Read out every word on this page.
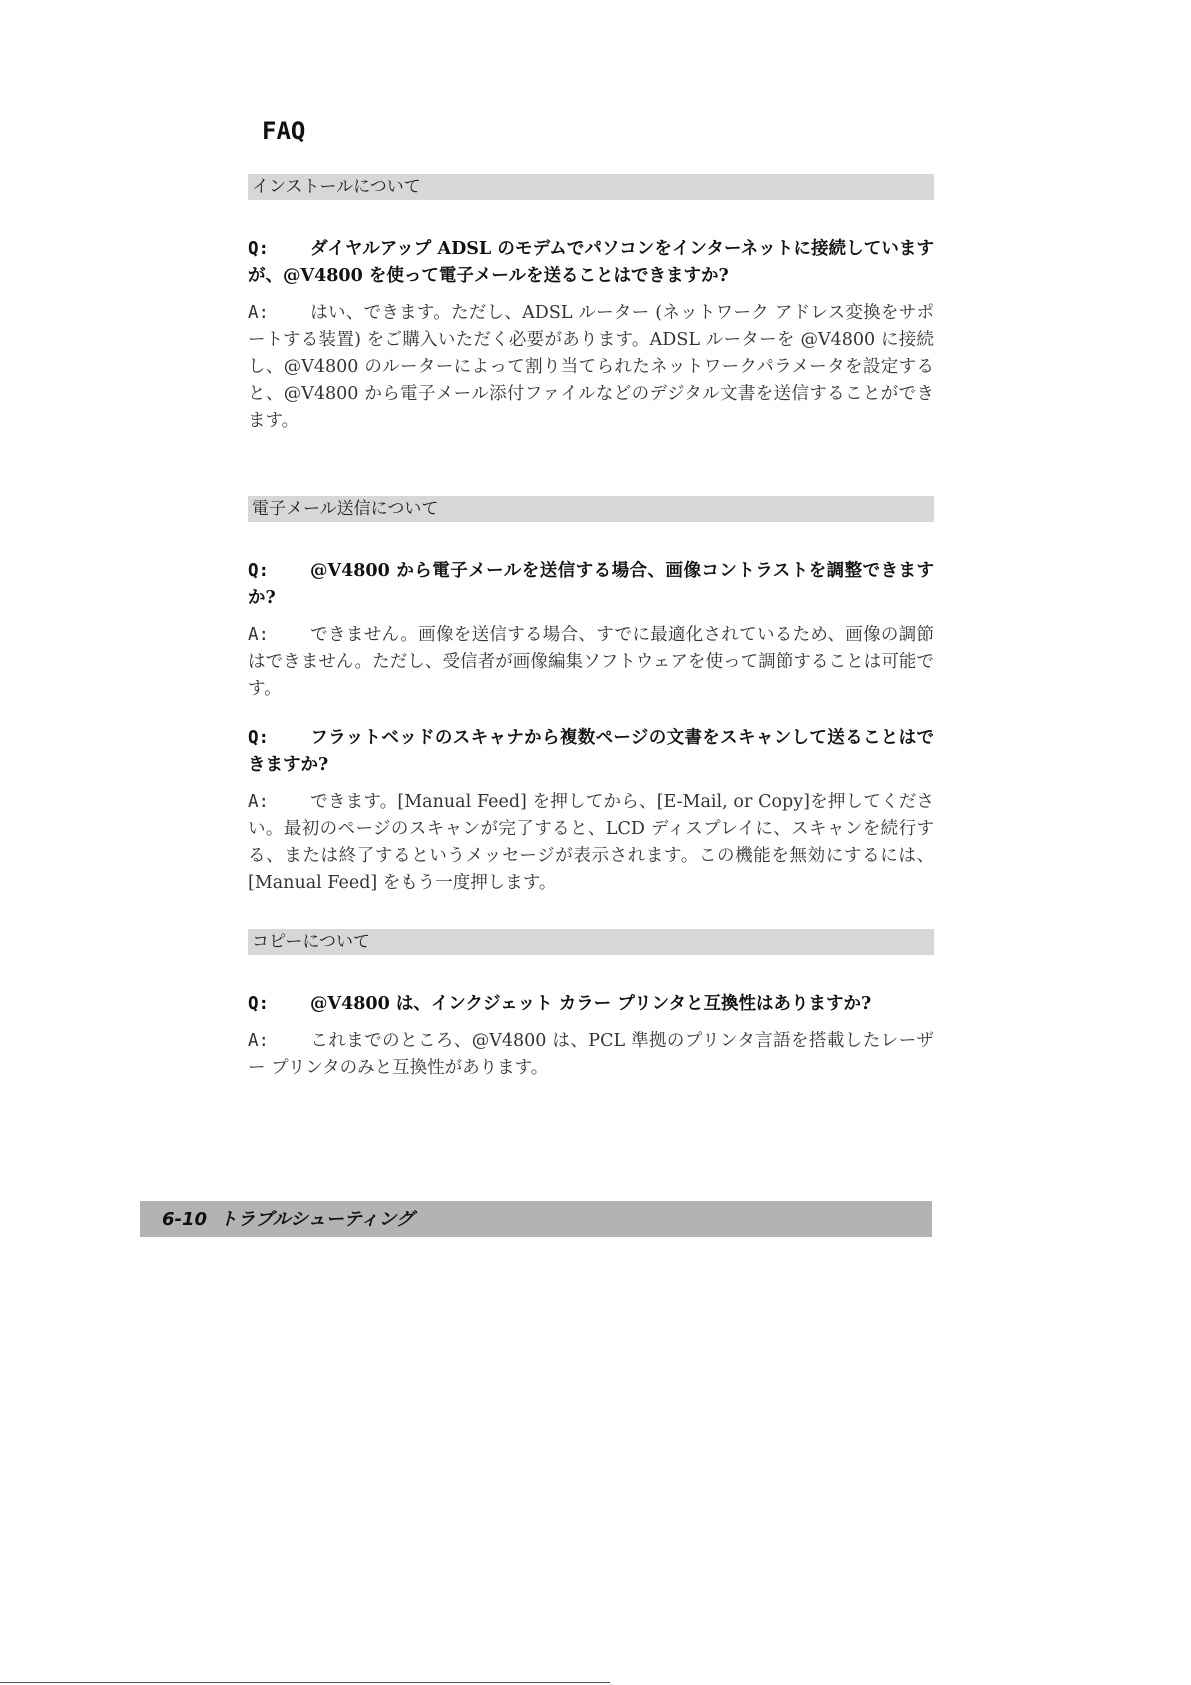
FAQ
インストールについて
Q: ダイヤルアップ ADSL のモデムでパソコンをインターネットに接続していますが、@V4800 を使って電子メールを送ることはできますか?
A: はい、できます。ただし、ADSL ルーター (ネットワーク アドレス変換をサポートする装置) をご購入いただく必要があります。ADSL ルーターを @V4800 に接続し、@V4800 のルーターによって割り当てられたネットワークパラメータを設定すると、@V4800 から電子メール添付ファイルなどのデジタル文書を送信することができます。
電子メール送信について
Q: @V4800 から電子メールを送信する場合、画像コントラストを調整できますか?
A: できません。画像を送信する場合、すでに最適化されているため、画像の調節はできません。ただし、受信者が画像編集ソフトウェアを使って調節することは可能です。
Q: フラットベッドのスキャナから複数ページの文書をスキャンして送ることはできますか?
A: できます。[Manual Feed] を押してから、[E-Mail, or Copy]を押してください。最初のページのスキャンが完了すると、LCD ディスプレイに、スキャンを続行する、または終了するというメッセージが表示されます。この機能を無効にするには、[Manual Feed] をもう一度押します。
コピーについて
Q: @V4800 は、インクジェット カラー プリンタと互換性はありますか?
A: これまでのところ、@V4800 は、PCL 準拠のプリンタ言語を搭載したレーザー プリンタのみと互換性があります。
6-10 トラブルシューティング
